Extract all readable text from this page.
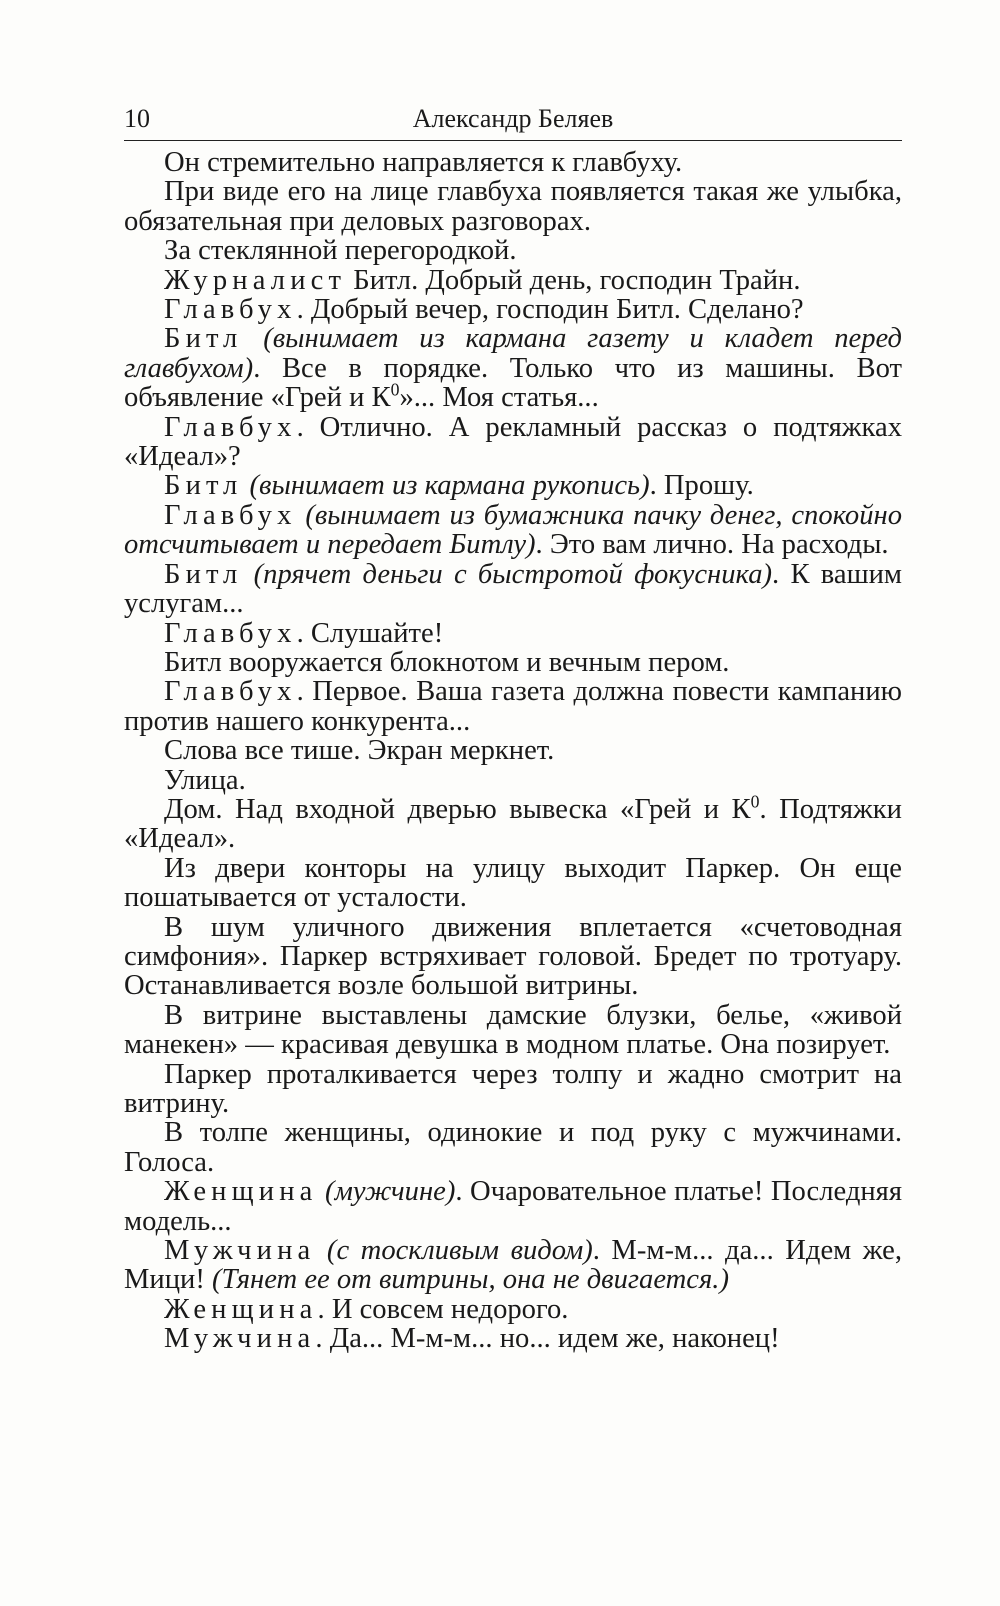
10	Александр Беляев

Он стремительно направляется к главбуху.

При виде его на лице главбуха появляется такая же улыбка, обязательная при деловых разговорах.

За стеклянной перегородкой.

Журналист Битл. Добрый день, господин Трайн.

Главбух. Добрый вечер, господин Битл. Сделано?

Битл (вынимает из кармана газету и кладет перед главбухом). Все в порядке. Только что из машины. Вот объявление «Грей и $К^0$»... Моя статья...

Главбух. Отлично. А рекламный рассказ о подтяжках «Идеал»?

Битл (вынимает из кармана рукопись). Прошу.

Главбух (вынимает из бумажника пачку денег, спокойно отсчитывает и передает Битлу). Это вам лично. На расходы.

Битл (прячет деньги с быстротой фокусника). К вашим услугам...

Главбух. Слушайте!

Битл вооружается блокнотом и вечным пером.

Главбух. Первое. Ваша газета должна повести кампанию против нашего конкурента...

Слова все тише. Экран меркнет.

Улица.

Дом. Над входной дверью вывеска «Грей и $К^0$. Подтяжки «Идеал».

Из двери конторы на улицу выходит Паркер. Он еще пошатывается от усталости.

В шум уличного движения вплетается «счетоводная симфония». Паркер встряхивает головой. Бредет по тротуару. Останавливается возле большой витрины.

В витрине выставлены дамские блузки, белье, «живой манекен» — красивая девушка в модном платье. Она позирует.

Паркер проталкивается через толпу и жадно смотрит на витрину.

В толпе женщины, одинокие и под руку с мужчинами. Голоса.

Женщина (мужчине). Очаровательное платье! Последняя модель...

Мужчина (с тоскливым видом). М-м-м... да... Идем же, Мици! (Тянет ее от витрины, она не двигается.)

Женщина. И совсем недорого.

Мужчина. Да... М-м-м... но... идем же, наконец!
